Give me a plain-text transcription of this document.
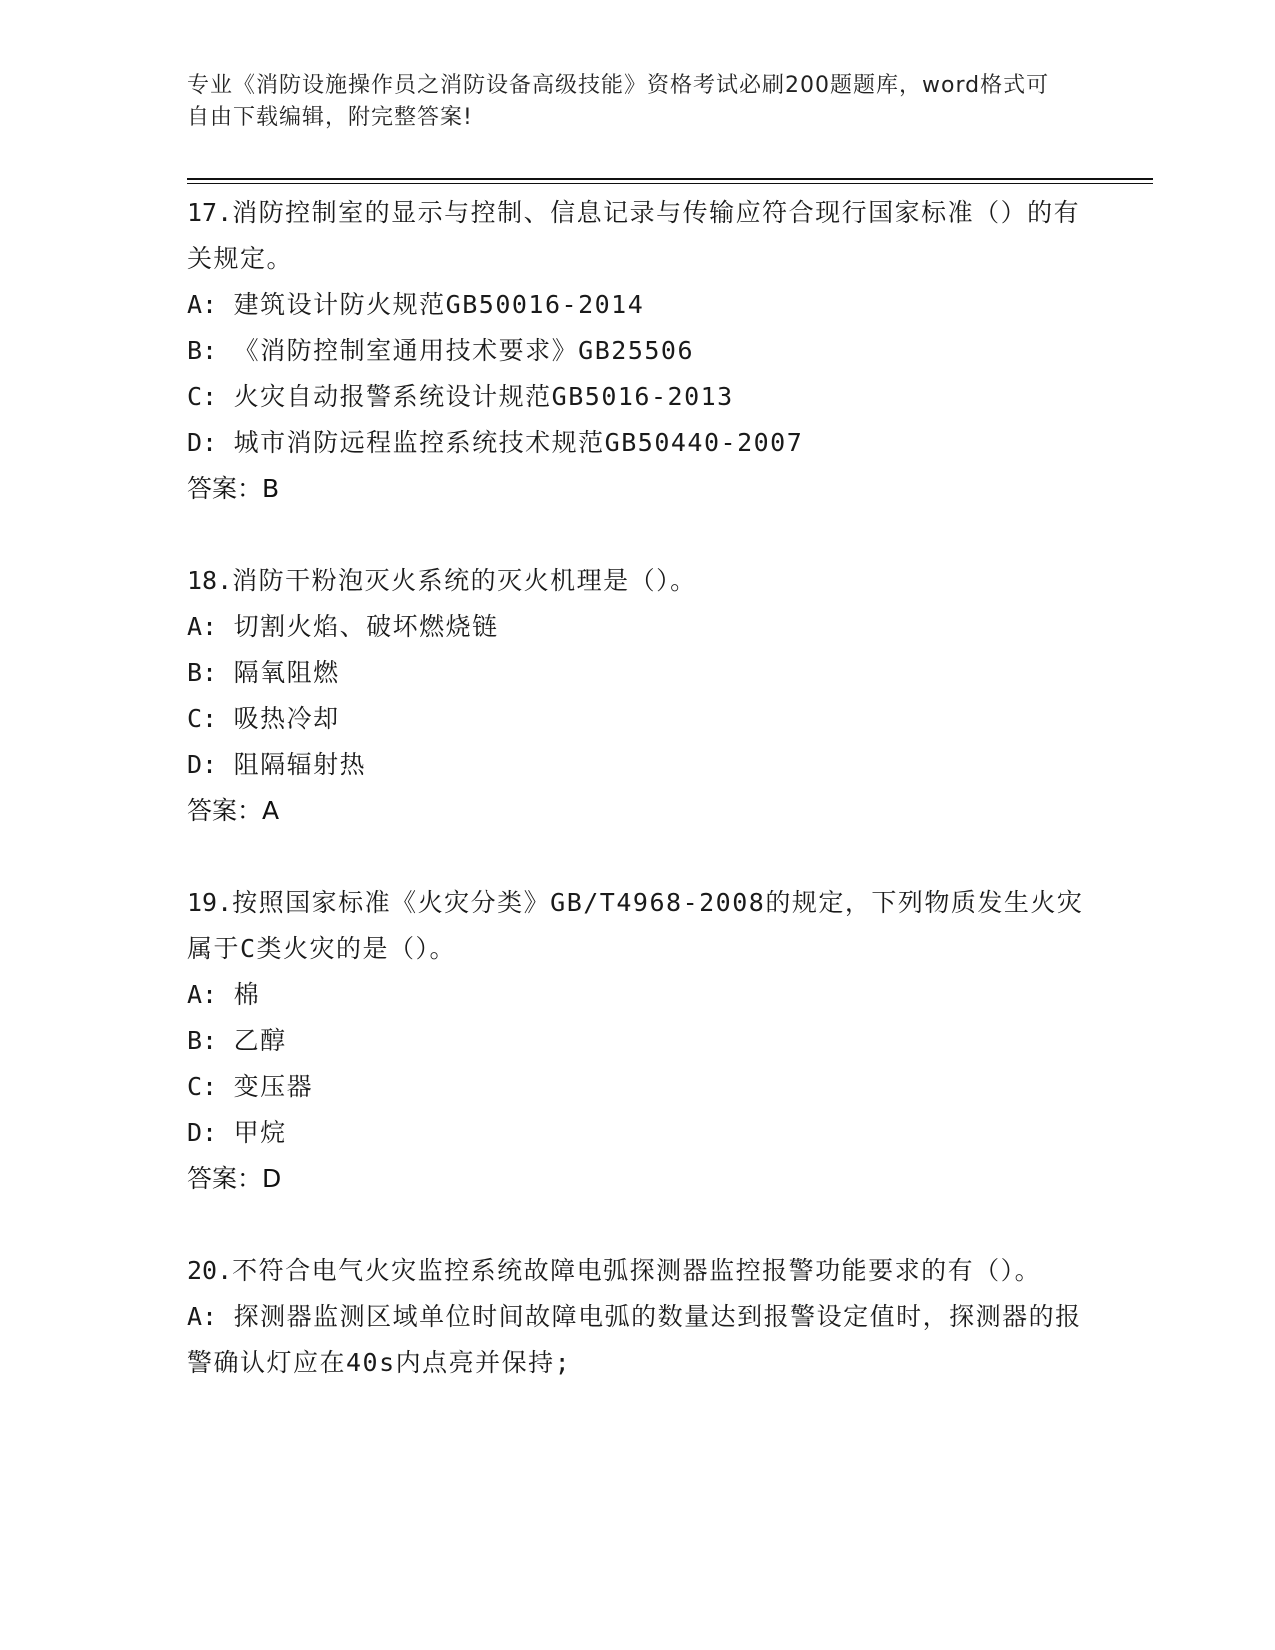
专业《消防设施操作员之消防设备高级技能》资格考试必刷200题题库，word格式可自由下载编辑，附完整答案!

17.消防控制室的显示与控制、信息记录与传输应符合现行国家标准（）的有关规定。

A: 建筑设计防火规范GB50016-2014

B: 《消防控制室通用技术要求》GB25506

C: 火灾自动报警系统设计规范GB5016-2013

D: 城市消防远程监控系统技术规范GB50440-2007

答案：B

18.消防干粉泡灭火系统的灭火机理是（）。

A: 切割火焰、破坏燃烧链

B: 隔氧阻燃

C: 吸热冷却

D: 阻隔辐射热

答案：A

19.按照国家标准《火灾分类》GB/T4968-2008的规定，下列物质发生火灾属于C类火灾的是（）。

A: 棉

B: 乙醇

C: 变压器

D: 甲烷

答案：D

20.不符合电气火灾监控系统故障电弧探测器监控报警功能要求的有（）。

A: 探测器监测区域单位时间故障电弧的数量达到报警设定值时，探测器的报警确认灯应在40s内点亮并保持;
